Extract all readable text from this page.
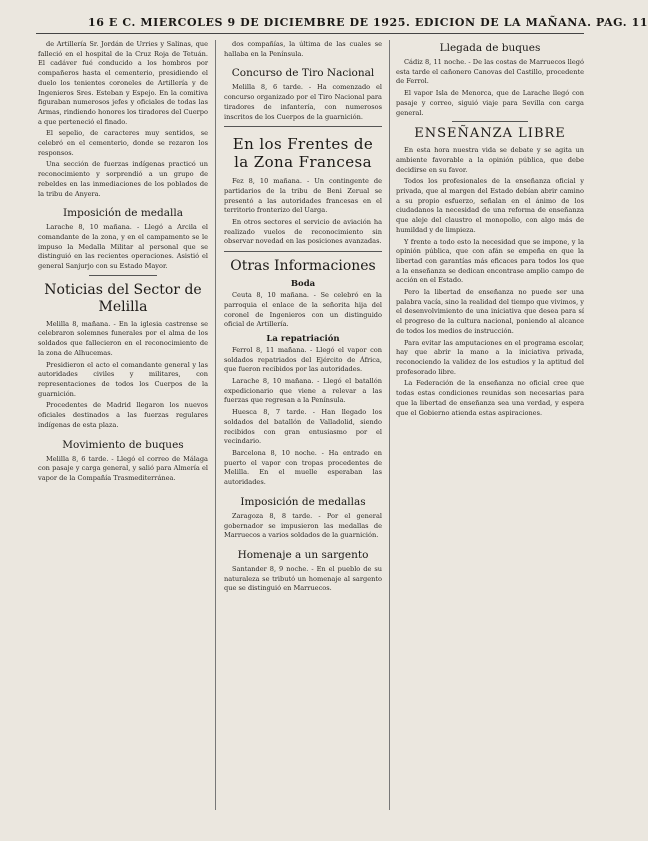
16 E C. MIERCOLES 9 DE DICIEMBRE DE 1925. EDICION DE LA MAÑANA. PAG. 11

de Artillería Sr. Jordán de Urries y Salinas, que falleció en el hospital de la Cruz Roja de Tetuán. El cadáver fué conducido a los hombros por compañeros hasta el cementerio, presidiendo el duelo los tenientes coroneles de Artillería y de Ingenieros Sres. Esteban y Espejo. En la comitiva figuraban numerosos jefes y oficiales de todas las Armas, rindiendo honores los tiradores del Cuerpo a que perteneció el finado.

El sepelio, de caracteres muy sentidos, se celebró en el cementerio, donde se rezaron los responsos.

Una sección de fuerzas indígenas practicó un reconocimiento y sorprendió a un grupo de rebeldes en las inmediaciones de los poblados de la tribu de Anyera.

Imposición de medalla

Larache 8, 10 mañana. - Llegó a Arcila el comandante de la zona, y en el campamento se le impuso la Medalla Militar al personal que se distinguió en las recientes operaciones. Asistió el general Sanjurjo con su Estado Mayor.

Noticias del Sector de Melilla

Melilla 8, mañana. - En la iglesia castrense se celebraron solemnes funerales por el alma de los soldados que fallecieron en el reconocimiento de la zona de Alhucemas.

Presidieron el acto el comandante general y las autoridades civiles y militares, con representaciones de todos los Cuerpos de la guarnición.

Procedentes de Madrid llegaron los nuevos oficiales destinados a las fuerzas regulares indígenas de esta plaza.

Movimiento de buques

Melilla 8, 6 tarde. - Llegó el correo de Málaga con pasaje y carga general, y salió para Almería el vapor de la Compañía Trasmediterránea.

dos compañías, la última de las cuales se hallaba en la Península.

Concurso de Tiro Nacional

Melilla 8, 6 tarde. - Ha comenzado el concurso organizado por el Tiro Nacional para tiradores de infantería, con numerosos inscritos de los Cuerpos de la guarnición.

En los Frentes de la Zona Francesa

Fez 8, 10 mañana. - Un contingente de partidarios de la tribu de Beni Zerual se presentó a las autoridades francesas en el territorio fronterizo del Uarga.

En otros sectores el servicio de aviación ha realizado vuelos de reconocimiento sin observar novedad en las posiciones avanzadas.

Otras Informaciones
Boda

Ceuta 8, 10 mañana. - Se celebró en la parroquia el enlace de la señorita hija del coronel de Ingenieros con un distinguido oficial de Artillería.

La repatriación

Ferrol 8, 11 mañana. - Llegó el vapor con soldados repatriados del Ejército de África, que fueron recibidos por las autoridades.

Larache 8, 10 mañana. - Llegó el batallón expedicionario que viene a relevar a las fuerzas que regresan a la Península.

Huesca 8, 7 tarde. - Han llegado los soldados del batallón de Valladolid, siendo recibidos con gran entusiasmo por el vecindario.

Barcelona 8, 10 noche. - Ha entrado en puerto el vapor con tropas procedentes de Melilla. En el muelle esperaban las autoridades.

Imposición de medallas

Zaragoza 8, 8 tarde. - Por el general gobernador se impusieron las medallas de Marruecos a varios soldados de la guarnición.

Homenaje a un sargento

Santander 8, 9 noche. - En el pueblo de su naturaleza se tributó un homenaje al sargento que se distinguió en Marruecos.

Llegada de buques

Cádiz 8, 11 noche. - De las costas de Marruecos llegó esta tarde el cañonero Canovas del Castillo, procedente de Ferrol.

El vapor Isla de Menorca, que de Larache llegó con pasaje y correo, siguió viaje para Sevilla con carga general.

ENSEÑANZA LIBRE

En esta hora nuestra vida se debate y se agita un ambiente favorable a la opinión pública, que debe decidirse en su favor.

Todos los profesionales de la enseñanza oficial y privada, que al margen del Estado debían abrir camino a su propio esfuerzo, señalan en el ánimo de los ciudadanos la necesidad de una reforma de enseñanza que aleje del claustro el monopolio, con algo más de humildad y de limpieza.

Y frente a todo esto la necesidad que se impone, y la opinión pública, que con afán se empeña en que la libertad con garantías más eficaces para todos los que a la enseñanza se dedican encontrase amplio campo de acción en el Estado.

Pero la libertad de enseñanza no puede ser una palabra vacía, sino la realidad del tiempo que vivimos, y el desenvolvimiento de una iniciativa que desea para sí el progreso de la cultura nacional, poniendo al alcance de todos los medios de instrucción.

Para evitar las amputaciones en el programa escolar, hay que abrir la mano a la iniciativa privada, reconociendo la validez de los estudios y la aptitud del profesorado libre.

La Federación de la enseñanza no oficial cree que todas estas condiciones reunidas son necesarias para que la libertad de enseñanza sea una verdad, y espera que el Gobierno atienda estas aspiraciones.
